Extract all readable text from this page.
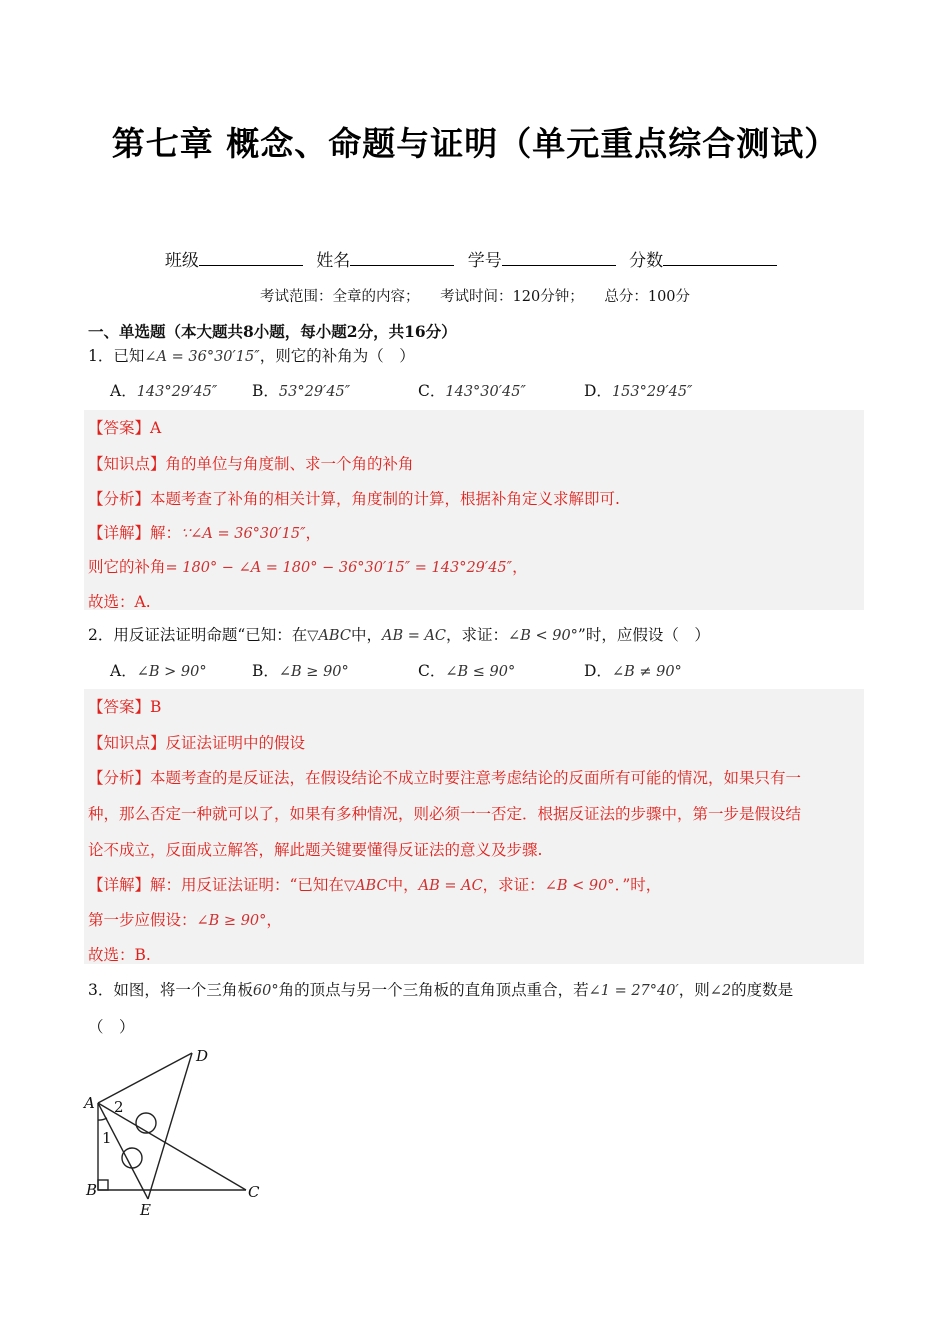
第七章 概念、命题与证明（单元重点综合测试）
班级	姓名	学号	分数
考试范围：全章的内容； 考试时间：120分钟； 总分：100分
一、单选题（本大题共8小题，每小题2分，共16分）
1．已知∠A = 36°30′15″，则它的补角为（　）
A．143°29′45″ B．53°29′45″	C．143°30′45″	D．153°29′45″
【答案】A
【知识点】角的单位与角度制、求一个角的补角
【分析】本题考查了补角的相关计算，角度制的计算，根据补角定义求解即可.
【详解】解：∵∠A = 36°30′15″，
则它的补角= 180° − ∠A = 180° − 36°30′15″ = 143°29′45″，
故选：A.
2．用反证法证明命题“已知：在▽ABC中，AB = AC，求证：∠B < 90°”时，应假设（　）
A．∠B > 90°	B．∠B ≥ 90°	C．∠B ≤ 90°	D．∠B ≠ 90°
【答案】B
【知识点】反证法证明中的假设
【分析】本题考查的是反证法，在假设结论不成立时要注意考虑结论的反面所有可能的情况，如果只有一
种，那么否定一种就可以了，如果有多种情况，则必须一一否定．根据反证法的步骤中，第一步是假设结
论不成立，反面成立解答，解此题关键要懂得反证法的意义及步骤.
【详解】解：用反证法证明：“已知在▽ABC中，AB = AC，求证：∠B < 90°．”时，
第一步应假设：∠B ≥ 90°，
故选：B.
3．如图，将一个三角板60°角的顶点与另一个三角板的直角顶点重合，若∠1 = 27°40′，则∠2的度数是
（　）
D
A
B	C
E
1
2
